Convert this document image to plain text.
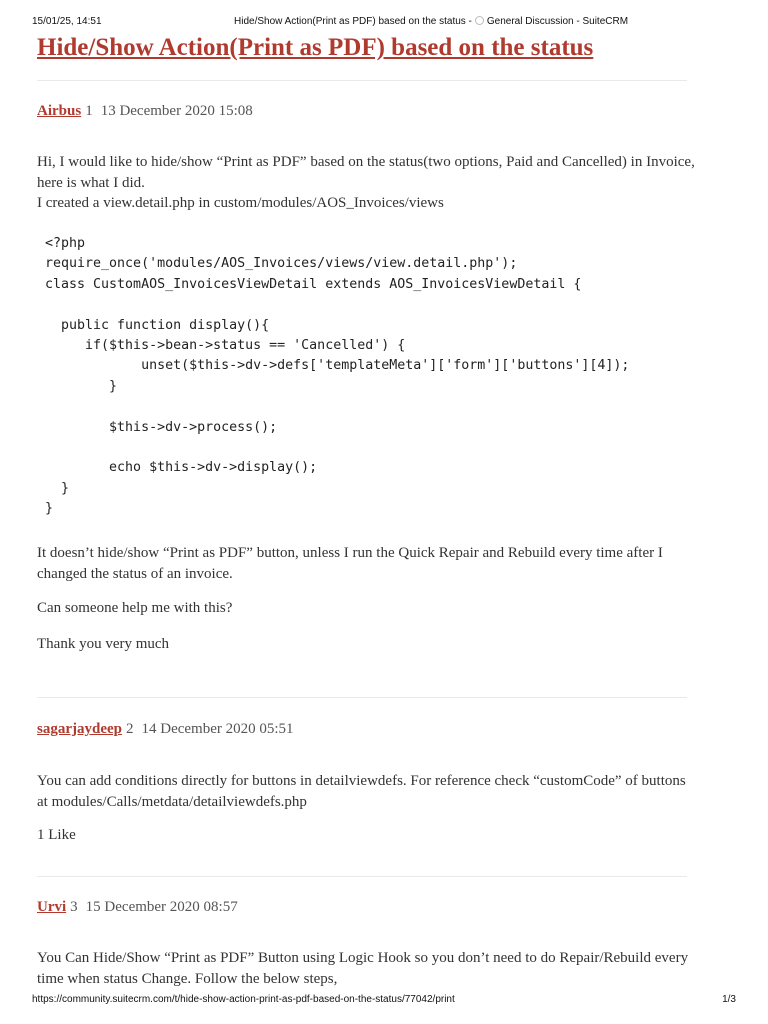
15/01/25, 14:51	Hide/Show Action(Print as PDF) based on the status - General Discussion - SuiteCRM
Hide/Show Action(Print as PDF) based on the status
Airbus 1 13 December 2020 15:08

Hi, I would like to hide/show “Print as PDF” based on the status(two options, Paid and Cancelled) in Invoice, here is what I did.

I created a view.detail.php in custom/modules/AOS_Invoices/views

<?php
require_once('modules/AOS_Invoices/views/view.detail.php');
class CustomAOS_InvoicesViewDetail extends AOS_InvoicesViewDetail {

public function display(){
if($this->bean->status == 'Cancelled') {
unset($this->dv->defs['templateMeta']['form']['buttons'][4]);
}

$this->dv->process();

echo $this->dv->display();
}
}

It doesn’t hide/show “Print as PDF” button, unless I run the Quick Repair and Rebuild every time after I changed the status of an invoice.

Can someone help me with this?

Thank you very much

sagarjaydeep 2 14 December 2020 05:51

You can add conditions directly for buttons in detailviewdefs. For reference check “customCode” of buttons at modules/Calls/metdata/detailviewdefs.php

1 Like

Urvi 3 15 December 2020 08:57

You Can Hide/Show “Print as PDF” Button using Logic Hook so you don’t need to do Repair/Rebuild every time when status Change. Follow the below steps,

https://community.suitecrm.com/t/hide-show-action-print-as-pdf-based-on-the-status/77042/print	1/3
